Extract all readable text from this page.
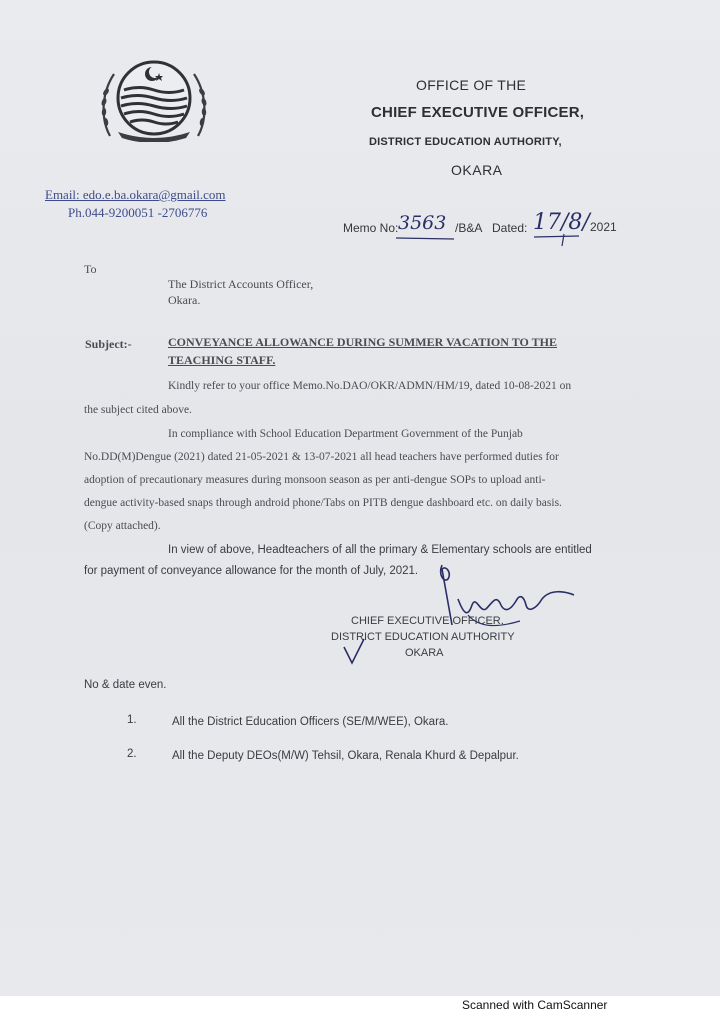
OFFICE OF THE
CHIEF EXECUTIVE OFFICER,
DISTRICT EDUCATION AUTHORITY,
OKARA
Email: edo.e.ba.okara@gmail.com
Ph.044-9200051 -2706776
Memo No: 3563 /B&A Dated: 17/8/ 2021
To
The District Accounts Officer,
Okara.
Subject:-	CONVEYANCE ALLOWANCE DURING SUMMER VACATION TO THE TEACHING STAFF.
Kindly refer to your office Memo.No.DAO/OKR/ADMN/HM/19, dated 10-08-2021 on
the subject cited above.
In compliance with School Education Department Government of the Punjab
No.DD(M)Dengue (2021) dated 21-05-2021 & 13-07-2021 all head teachers have performed duties for
adoption of precautionary measures during monsoon season as per anti-dengue SOPs to upload anti-
dengue activity-based snaps through android phone/Tabs on PITB dengue dashboard etc. on daily basis.
(Copy attached).
In view of above, Headteachers of all the primary & Elementary schools are entitled
for payment of conveyance allowance for the month of July, 2021.
CHIEF EXECUTIVE OFFICER,
DISTRICT EDUCATION AUTHORITY
OKARA
No & date even.
1.	All the District Education Officers (SE/M/WEE), Okara.
2.	All the Deputy DEOs(M/W) Tehsil, Okara, Renala Khurd & Depalpur.
Scanned with CamScanner
